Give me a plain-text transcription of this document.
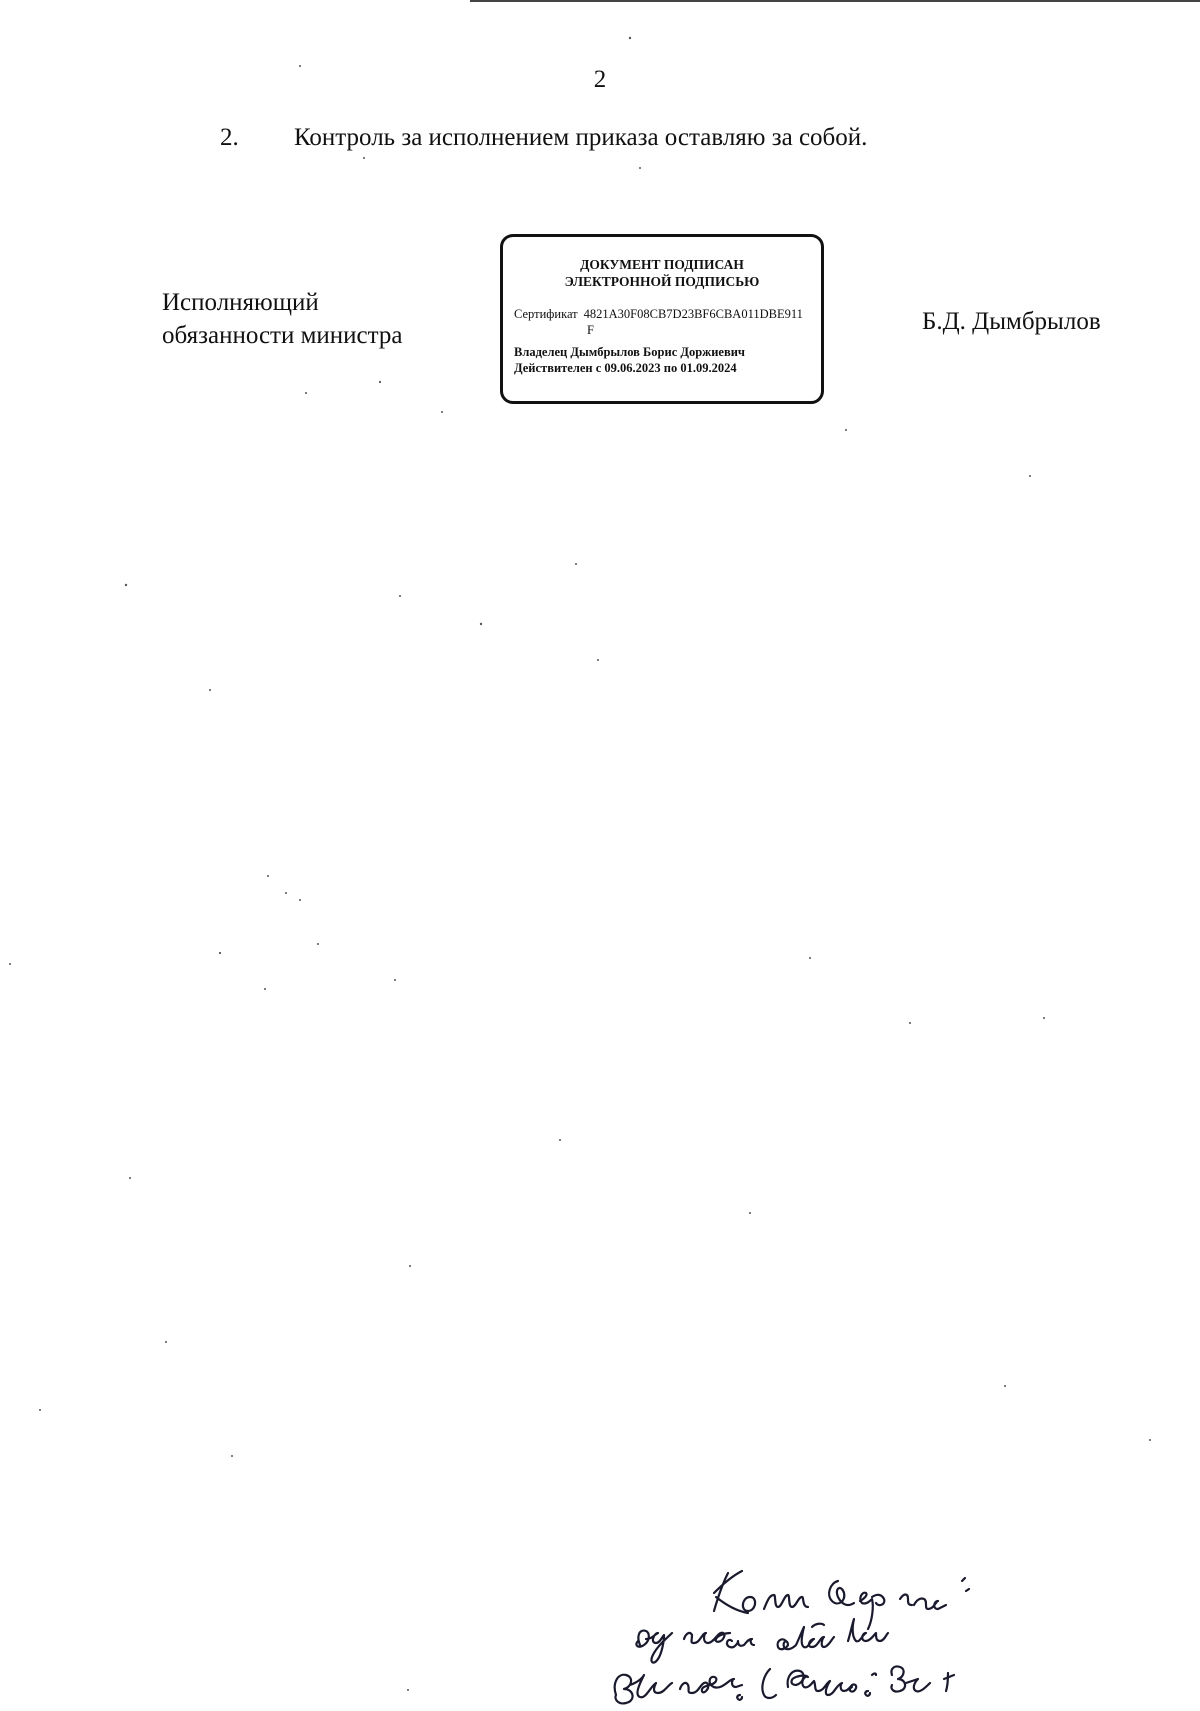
2
2. Контроль за исполнением приказа оставляю за собой.
Исполняющий
обязанности министра
ДОКУМЕНТ ПОДПИСАН
ЭЛЕКТРОННОЙ ПОДПИСЬЮ
Сертификат 4821A30F08CB7D23BF6CBA011DBE911
F
Владелец Дымбрылов Борис Доржиевич
Действителен с 09.06.2023 по 01.09.2024
Б.Д. Дымбрылов
